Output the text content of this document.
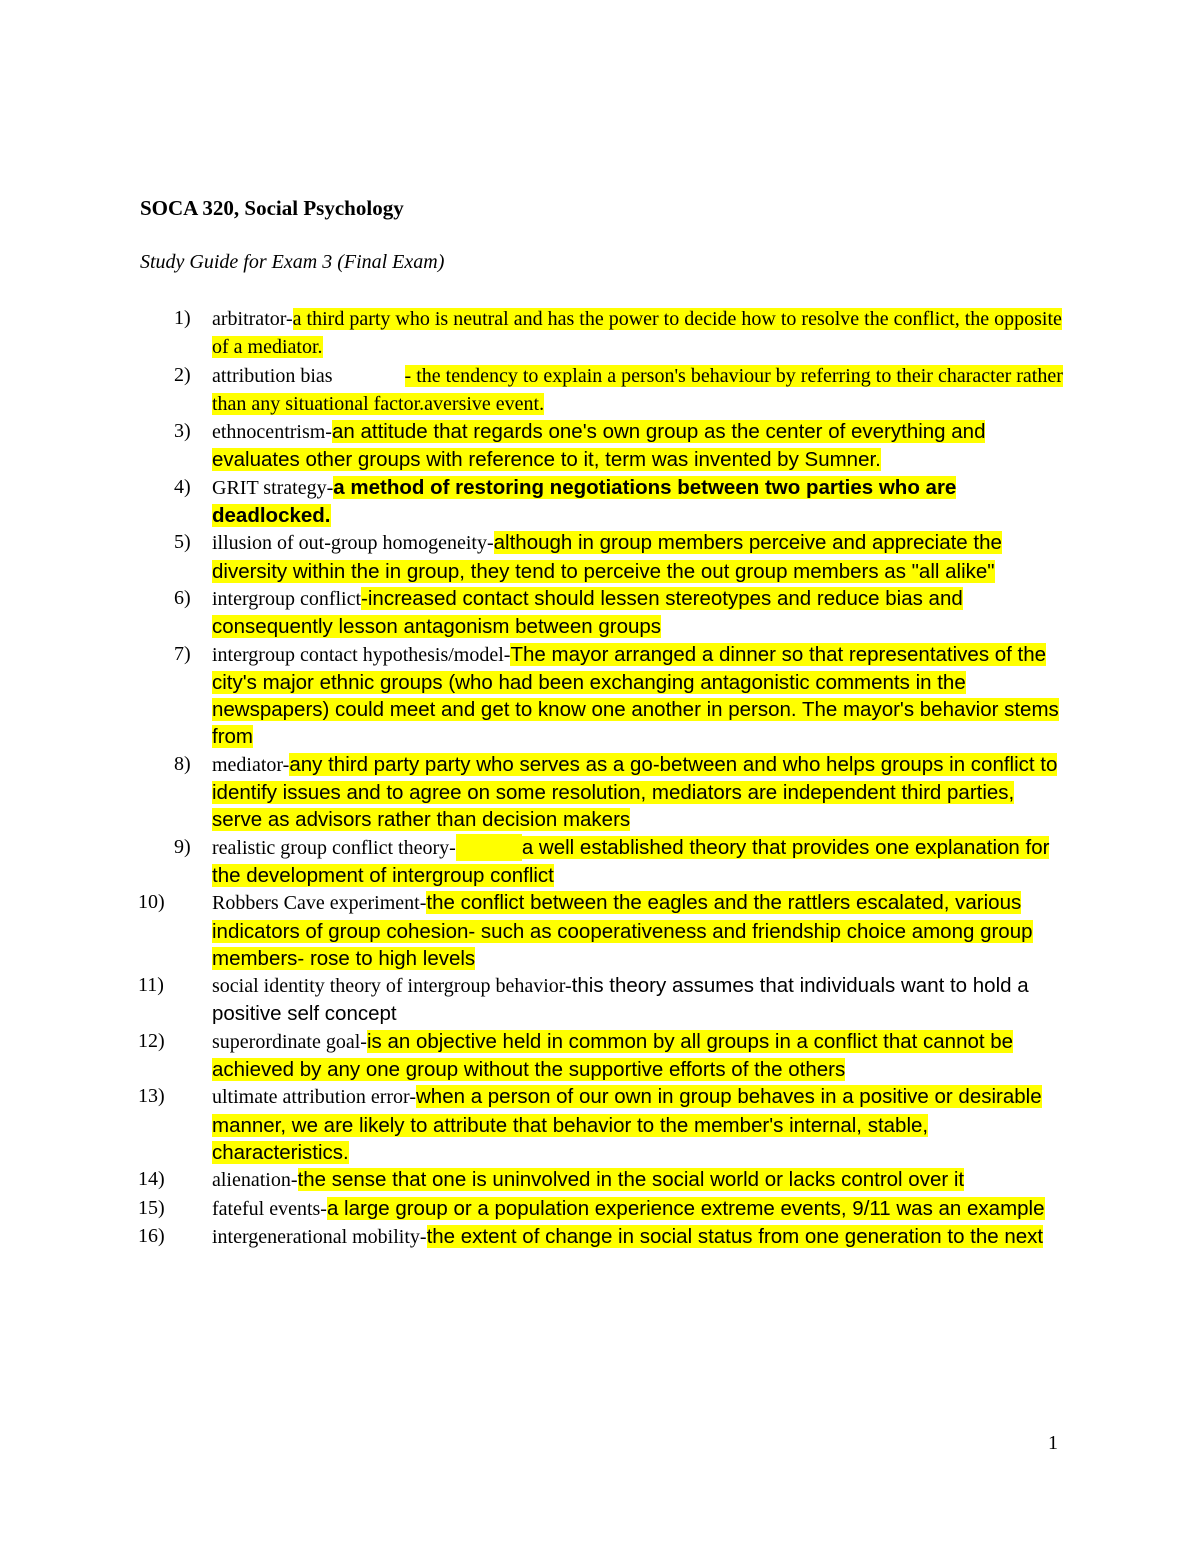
SOCA 320, Social Psychology
Study Guide for Exam 3 (Final Exam)
1) arbitrator-a third party who is neutral and has the power to decide how to resolve the conflict, the opposite of a mediator.
2) attribution bias	- the tendency to explain a person's behaviour by referring to their character rather than any situational factor.aversive event.
3) ethnocentrism-an attitude that regards one's own group as the center of everything and evaluates other groups with reference to it, term was invented by Sumner.
4) GRIT strategy-a method of restoring negotiations between two parties who are deadlocked.
5) illusion of out-group homogeneity-although in group members perceive and appreciate the diversity within the in group, they tend to perceive the out group members as "all alike"
6) intergroup conflict-increased contact should lessen stereotypes and reduce bias and consequently lesson antagonism between groups
7) intergroup contact hypothesis/model-The mayor arranged a dinner so that representatives of the city's major ethnic groups (who had been exchanging antagonistic comments in the newspapers) could meet and get to know one another in person. The mayor's behavior stems from
8) mediator-any third party party who serves as a go-between and who helps groups in conflict to identify issues and to agree on some resolution, mediators are independent third parties, serve as advisors rather than decision makers
9) realistic group conflict theory-	a well established theory that provides one explanation for the development of intergroup conflict
10) Robbers Cave experiment-the conflict between the eagles and the rattlers escalated, various indicators of group cohesion- such as cooperativeness and friendship choice among group members- rose to high levels
11) social identity theory of intergroup behavior-this theory assumes that individuals want to hold a positive self concept
12) superordinate goal-is an objective held in common by all groups in a conflict that cannot be achieved by any one group without the supportive efforts of the others
13) ultimate attribution error-when a person of our own in group behaves in a positive or desirable manner, we are likely to attribute that behavior to the member's internal, stable, characteristics.
14) alienation-the sense that one is uninvolved in the social world or lacks control over it
15) fateful events-a large group or a population experience extreme events, 9/11 was an example
16) intergenerational mobility-the extent of change in social status from one generation to the next
1
